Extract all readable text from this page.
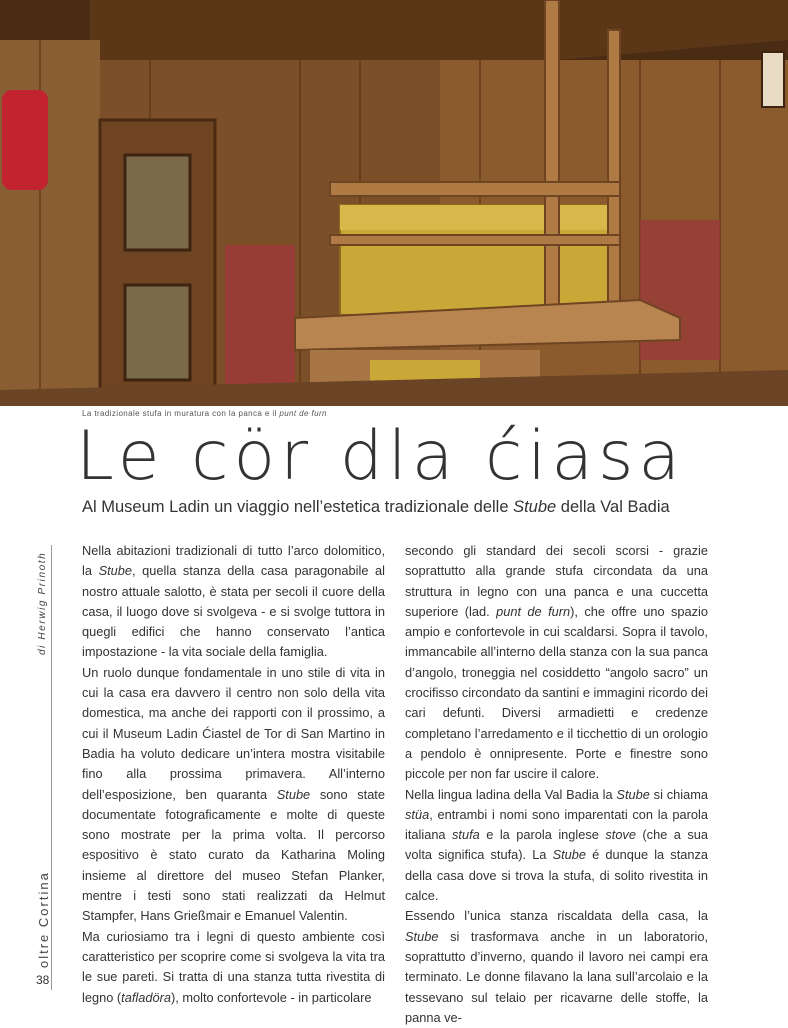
La tradizionale stufa in muratura con la panca e il punt de furn
Le cör dla ćiasa
Al Museum Ladin un viaggio nell’estetica tradizionale delle Stube della Val Badia
di Herwig Prinoth
oltre Cortina
38

Nella abitazioni tradizionali di tutto l’arco dolomitico, la Stube, quella stanza della casa paragonabile al nostro attuale salotto, è stata per secoli il cuore della casa, il luogo dove si svolgeva - e si svolge tuttora in quegli edifici che hanno conservato l’antica impostazione - la vita sociale della famiglia.

Un ruolo dunque fondamentale in uno stile di vita in cui la casa era davvero il centro non solo della vita domestica, ma anche dei rapporti con il prossimo, a cui il Museum Ladin Ćiastel de Tor di San Martino in Badia ha voluto dedicare un’intera mostra visitabile fino alla prossima primavera. All’interno dell’esposizione, ben quaranta Stube sono state documentate fotograficamente e molte di queste sono mostrate per la prima volta. Il percorso espositivo è stato curato da Katharina Moling insieme al direttore del museo Stefan Planker, mentre i testi sono stati realizzati da Helmut Stampfer, Hans Grießmair e Emanuel Valentin.

Ma curiosiamo tra i legni di questo ambiente così caratteristico per scoprire come si svolgeva la vita tra le sue pareti. Si tratta di una stanza tutta rivestita di legno (tafladöra), molto confortevole - in particolare

secondo gli standard dei secoli scorsi - grazie soprattutto alla grande stufa circondata da una struttura in legno con una panca e una cuccetta superiore (lad. punt de furn), che offre uno spazio ampio e confortevole in cui scaldarsi. Sopra il tavolo, immancabile all’interno della stanza con la sua panca d’angolo, troneggia nel cosiddetto “angolo sacro” un crocifisso circondato da santini e immagini ricordo dei cari defunti. Diversi armadietti e credenze completano l’arredamento e il ticchettio di un orologio a pendolo è onnipresente. Porte e finestre sono piccole per non far uscire il calore.

Nella lingua ladina della Val Badia la Stube si chiama stüa, entrambi i nomi sono imparentati con la parola italiana stufa e la parola inglese stove (che a sua volta significa stufa). La Stube é dunque la stanza della casa dove si trova la stufa, di solito rivestita in calce.

Essendo l’unica stanza riscaldata della casa, la Stube si trasformava anche in un laboratorio, soprattutto d’inverno, quando il lavoro nei campi era terminato. Le donne filavano la lana sull’arcolaio e la tessevano sul telaio per ricavarne delle stoffe, la panna ve-
